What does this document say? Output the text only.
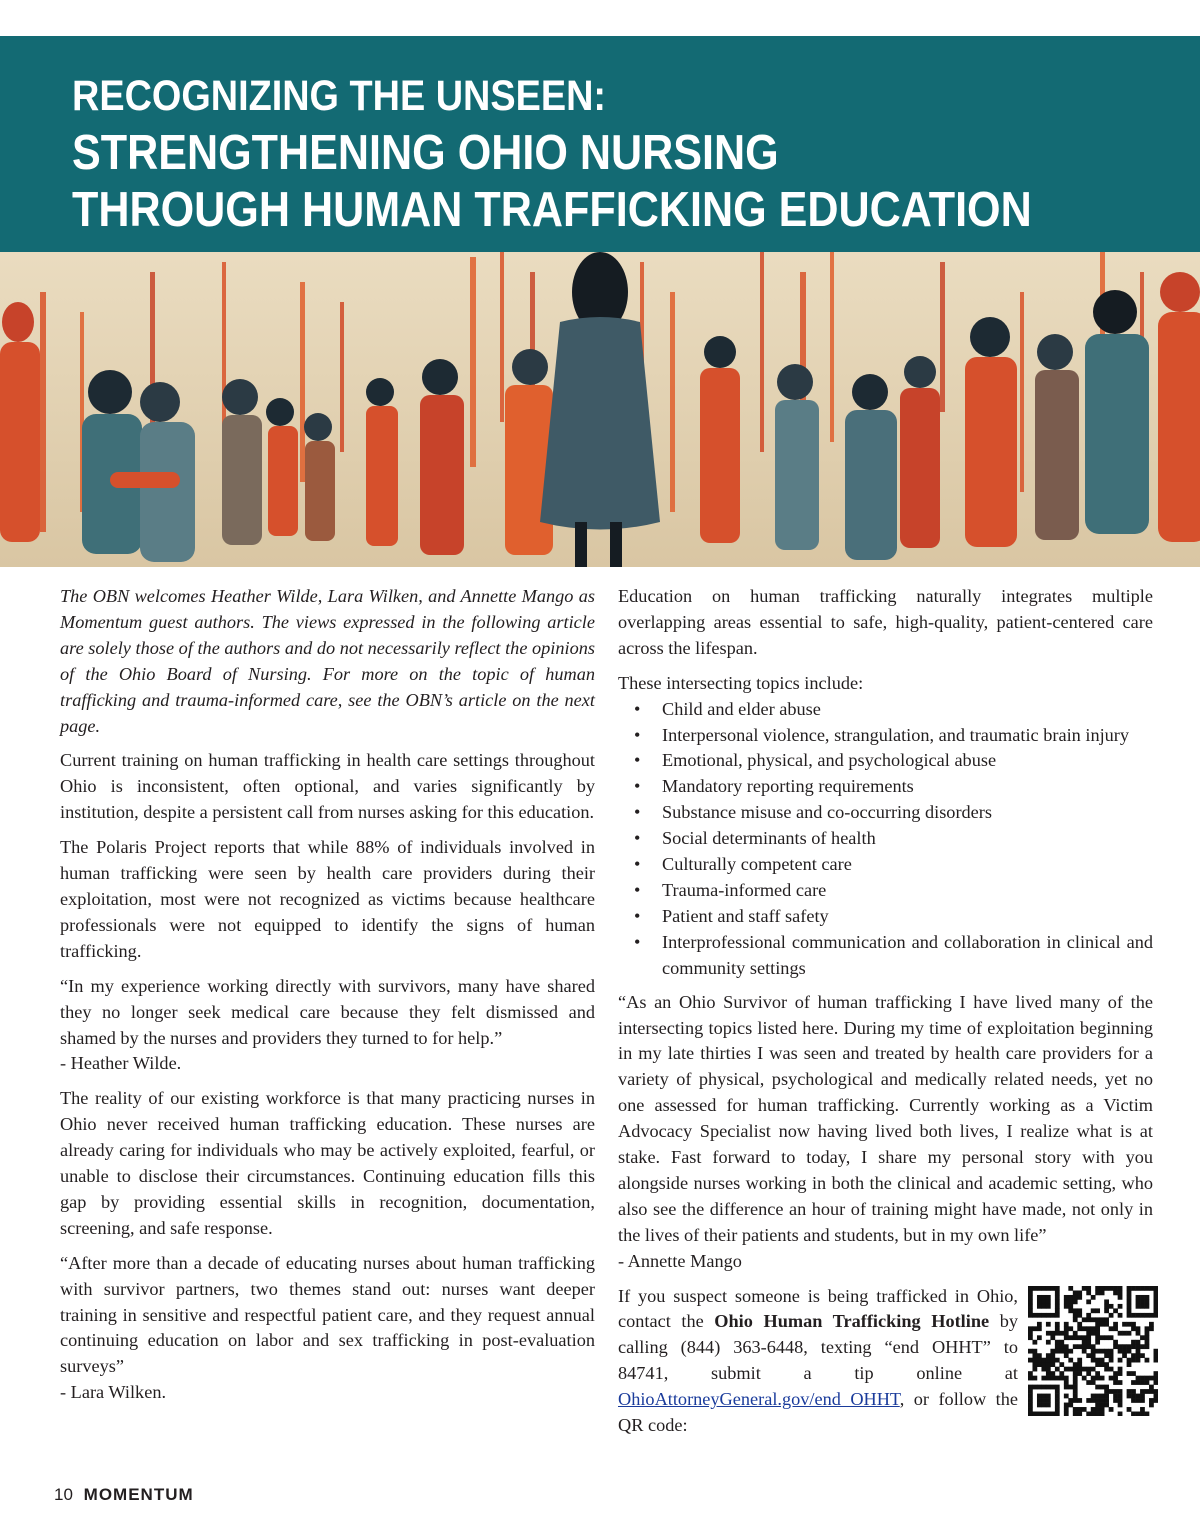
RECOGNIZING THE UNSEEN:
STRENGTHENING OHIO NURSING
THROUGH HUMAN TRAFFICKING EDUCATION

The OBN welcomes Heather Wilde, Lara Wilken, and Annette Mango as Momentum guest authors. The views expressed in the following article are solely those of the authors and do not necessarily reflect the opinions of the Ohio Board of Nursing. For more on the topic of human trafficking and trauma-informed care, see the OBN’s article on the next page.

Current training on human trafficking in health care settings throughout Ohio is inconsistent, often optional, and varies significantly by institution, despite a persistent call from nurses asking for this education.

The Polaris Project reports that while 88% of individuals involved in human trafficking were seen by health care providers during their exploitation, most were not recognized as victims because healthcare professionals were not equipped to identify the signs of human trafficking.

“In my experience working directly with survivors, many have shared they no longer seek medical care because they felt dismissed and shamed by the nurses and providers they turned to for help.”
- Heather Wilde.

The reality of our existing workforce is that many practicing nurses in Ohio never received human trafficking education. These nurses are already caring for individuals who may be actively exploited, fearful, or unable to disclose their circumstances. Continuing education fills this gap by providing essential skills in recognition, documentation, screening, and safe response.

“After more than a decade of educating nurses about human trafficking with survivor partners, two themes stand out: nurses want deeper training in sensitive and respectful patient care, and they request annual continuing education on labor and sex trafficking in post-evaluation surveys”
- Lara Wilken.

Education on human trafficking naturally integrates multiple overlapping areas essential to safe, high-quality, patient-centered care across the lifespan.

These intersecting topics include:

• Child and elder abuse
• Interpersonal violence, strangulation, and traumatic brain injury
• Emotional, physical, and psychological abuse
• Mandatory reporting requirements
• Substance misuse and co-occurring disorders
• Social determinants of health
• Culturally competent care
• Trauma-informed care
• Patient and staff safety
• Interprofessional communication and collaboration in clinical and community settings

“As an Ohio Survivor of human trafficking I have lived many of the intersecting topics listed here. During my time of exploitation beginning in my late thirties I was seen and treated by health care providers for a variety of physical, psychological and medically related needs, yet no one assessed for human trafficking. Currently working as a Victim Advocacy Specialist now having lived both lives, I realize what is at stake. Fast forward to today, I share my personal story with you alongside nurses working in both the clinical and academic setting, who also see the difference an hour of training might have made, not only in the lives of their patients and students, but in my own life”
- Annette Mango

If you suspect someone is being trafficked in Ohio, contact the Ohio Human Trafficking Hotline by calling (844) 363-6448, texting “end OHHT” to 84741, submit a tip online at OhioAttorneyGeneral.gov/end OHHT, or follow the QR code:

10 MOMENTUM
